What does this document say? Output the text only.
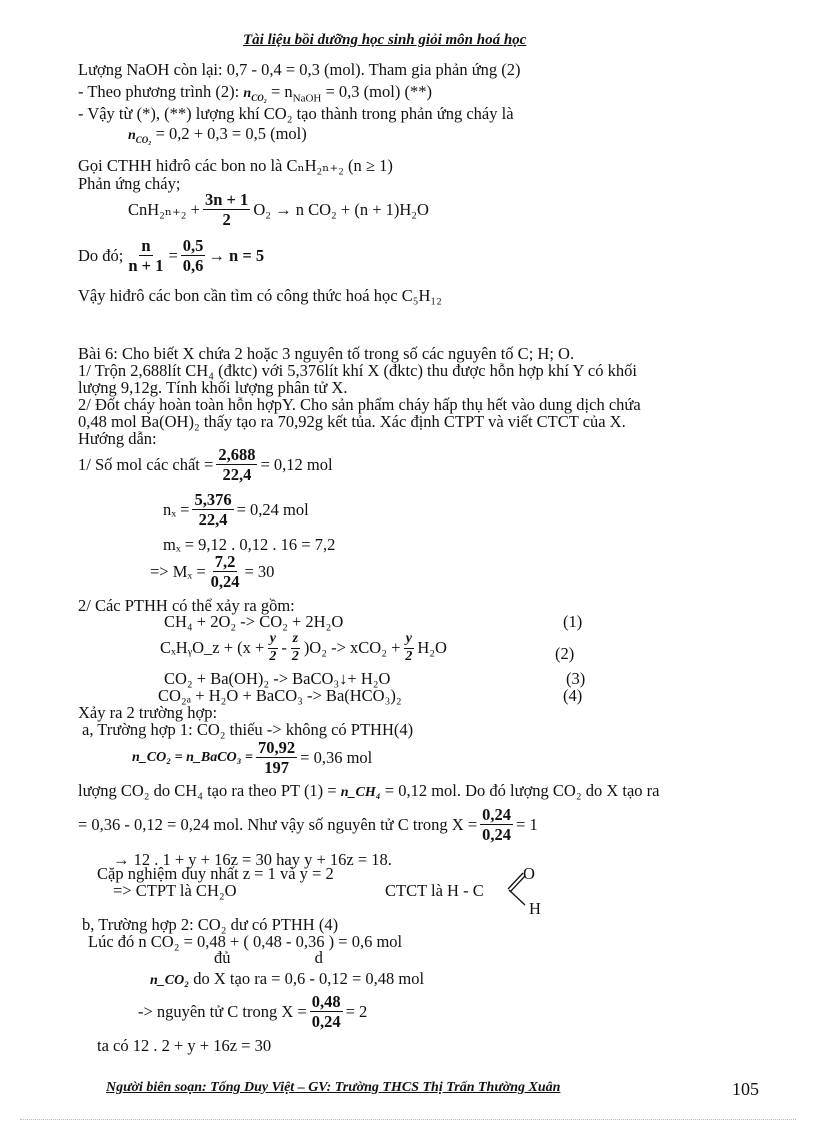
Tài liệu bồi dưỡng học sinh giỏi môn hoá học
Lượng NaOH còn lại: 0,7 - 0,4 = 0,3 (mol). Tham gia phản ứng (2)
- Theo phương trình (2): $n_{CO_2} = n_{NaOH} = 0,3$ (mol) (**)
- Vậy từ (*), (**) lượng khí CO₂ tạo thành trong phản ứng cháy là
$n_{CO_2} = 0,2 + 0,3 = 0,5$ (mol)
Gọi CTHH hiđrô các bon no là CₙH₂ₙ₊₂ (n ≥ 1)
Phản ứng cháy;
$CnH_{2n+2} + \frac{3n + 1}{2} O_2 \to n$ CO₂ + (n + 1)H₂O
Do đó; $\frac{n}{n + 1} = \frac{0,5}{0,6} \to n = 5$
Vậy hiđrô các bon cần tìm có công thức hoá học C₅H₁₂
Bài 6: Cho biết X chứa 2 hoặc 3 nguyên tố trong số các nguyên tố C; H; O.
1/ Trộn 2,688lít CH₄ (đktc) với 5,376lít khí X (đktc) thu được hỗn hợp khí Y có khối
lượng 9,12g. Tính khối lượng phân tử X.
2/ Đốt cháy hoàn toàn hỗn hợpY. Cho sản phẩm cháy hấp thụ hết vào dung dịch chứa
0,48 mol Ba(OH)₂ thấy tạo ra 70,92g kết tủa. Xác định CTPT và viết CTCT của X.
Hướng dẫn:
1/ Số mol các chất = $\frac{2,688}{22,4} = 0,12$ mol
$n_x = \frac{5,376}{22,4} = 0,24$ mol
mₓ = 9,12 . 0,12 . 16 = 7,2
=> $M_x = \frac{7,2}{0,24} = 30$
2/ Các PTHH có thể xảy ra gồm:
CH₄ + 2O₂ -> CO₂ + 2H₂O	(1)
CₓHᵧO_z + $(x + \frac{y}{2} - \frac{z}{2} )O_2 -> xCO_2 + \frac{y}{2} H_2O$	(2)
CO₂ + Ba(OH)₂ -> BaCO₃↓+ H₂O	(3)
CO₂ₐ + H₂O + BaCO₃ -> Ba(HCO₃)₂	(4)
Xảy ra 2 trường hợp:
a, Trường hợp 1: CO₂ thiếu -> không có PTHH(4)
n_CO₂ = n_BaCO₃ = $\frac{70,92}{197} = 0,36$ mol
lượng CO₂ do CH₄ tạo ra theo PT (1) = n_CH₄ = 0,12 mol. Do đó lượng CO₂ do X tạo ra
= 0,36 - 0,12 = 0,24 mol. Như vậy số nguyên tử C trong $X = \frac{0,24}{0,24} = 1$
→ 12 . 1 + y + 16z = 30 hay y + 16z = 18.
Cặp nghiệm duy nhất z = 1 và y = 2
=> CTPT là CH₂O	CTCT là H - C
O
H
b, Trường hợp 2: CO₂ dư có PTHH (4)
Lúc đó n CO₂ = 0,48 + ( 0,48 - 0,36 ) = 0,6 mol
đủ d
n_CO₂ do X tạo ra = 0,6 - 0,12 = 0,48 mol
-> nguyên tử C trong $X = \frac{0,48}{0,24} = 2$
ta có 12 . 2 + y + 16z = 30
Người biên soạn: Tống Duy Việt – GV: Trường THCS Thị Trấn Thường Xuân	105
